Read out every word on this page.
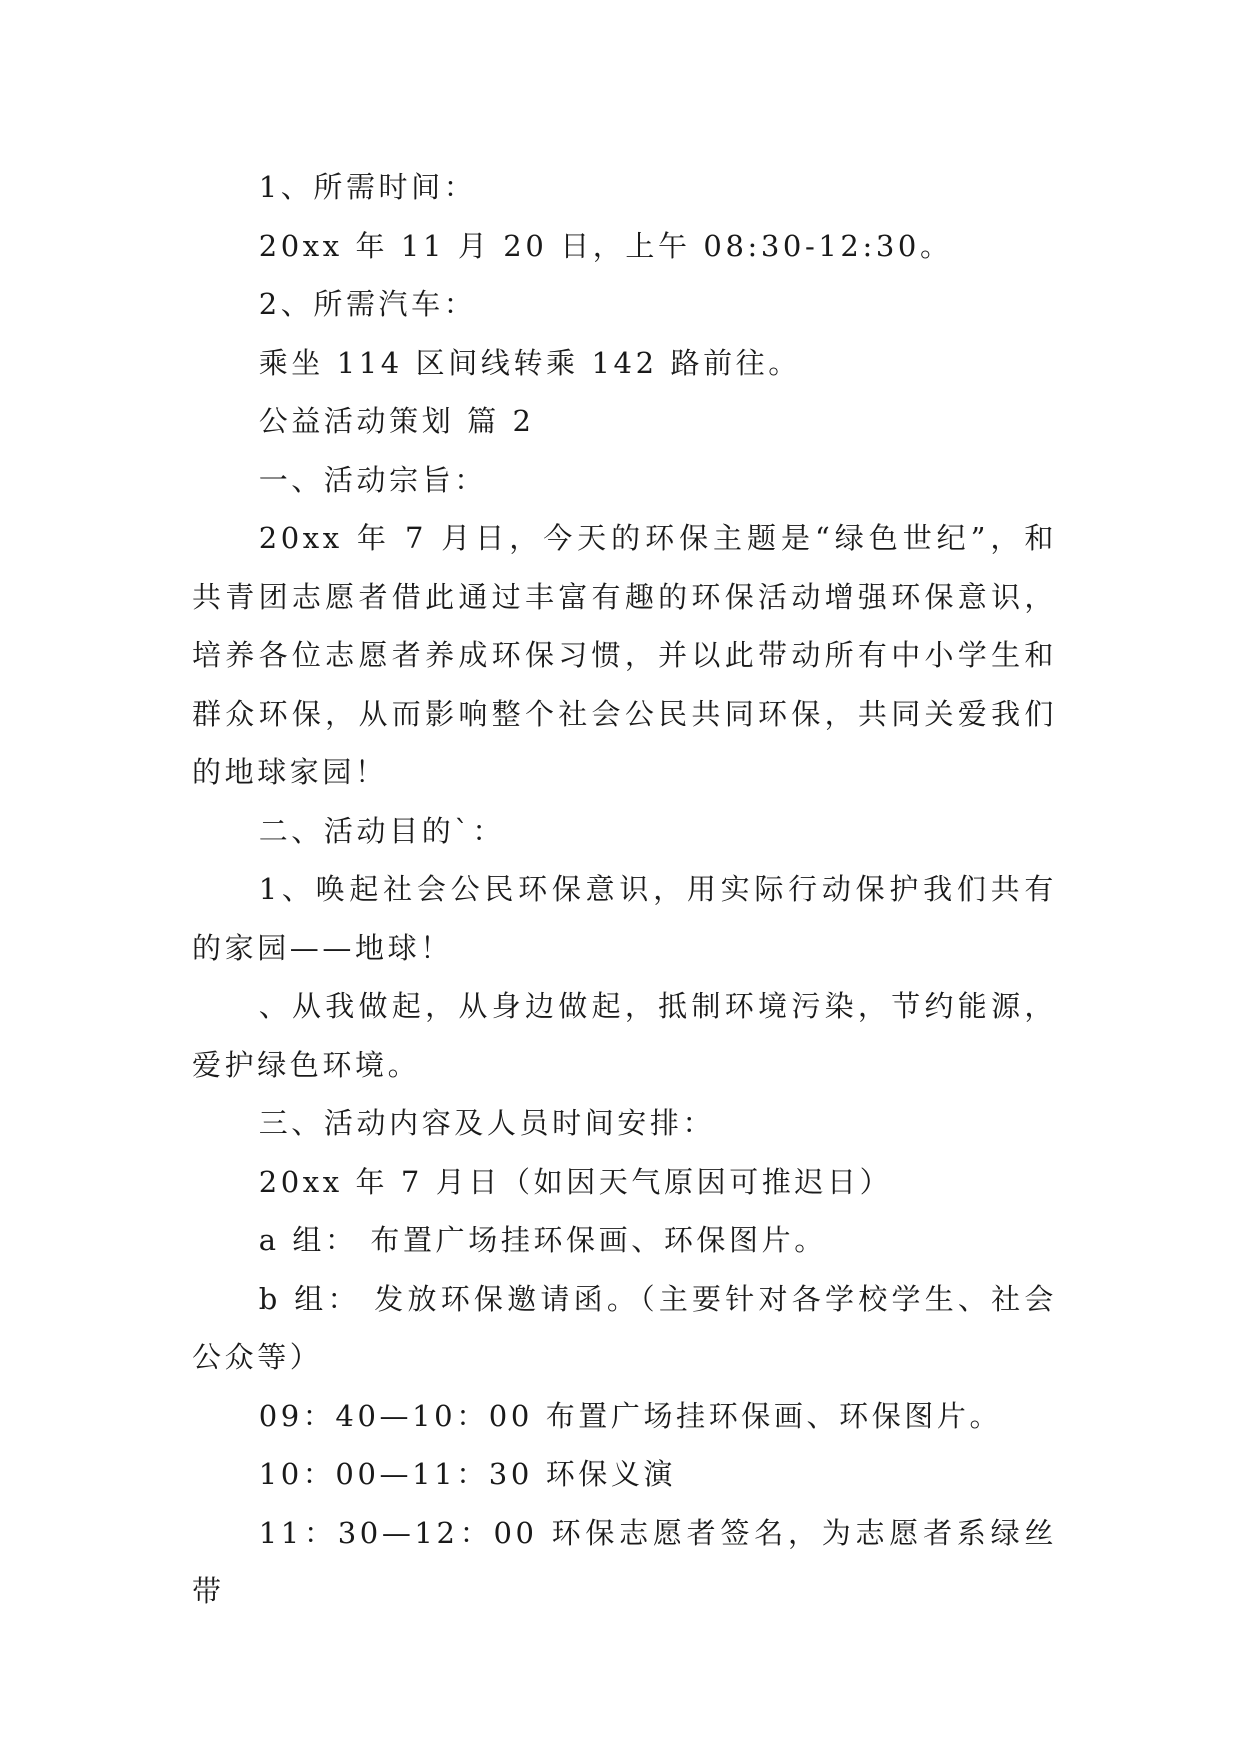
1、所需时间：

20xx 年 11 月 20 日，上午 08:30-12:30。

2、所需汽车：

乘坐 114 区间线转乘 142 路前往。

公益活动策划 篇 2

一、活动宗旨：

20xx 年 7 月日，今天的环保主题是“绿色世纪”，和共青团志愿者借此通过丰富有趣的环保活动增强环保意识，培养各位志愿者养成环保习惯，并以此带动所有中小学生和群众环保，从而影响整个社会公民共同环保，共同关爱我们的地球家园！

二、活动目的`：

1、唤起社会公民环保意识，用实际行动保护我们共有的家园——地球！

、从我做起，从身边做起，抵制环境污染，节约能源，爱护绿色环境。

三、活动内容及人员时间安排：

20xx 年 7 月日（如因天气原因可推迟日）

a 组： 布置广场挂环保画、环保图片。

b 组： 发放环保邀请函。（主要针对各学校学生、社会公众等）

09：40—10：00 布置广场挂环保画、环保图片。

10：00—11：30 环保义演

11：30—12：00 环保志愿者签名，为志愿者系绿丝带
